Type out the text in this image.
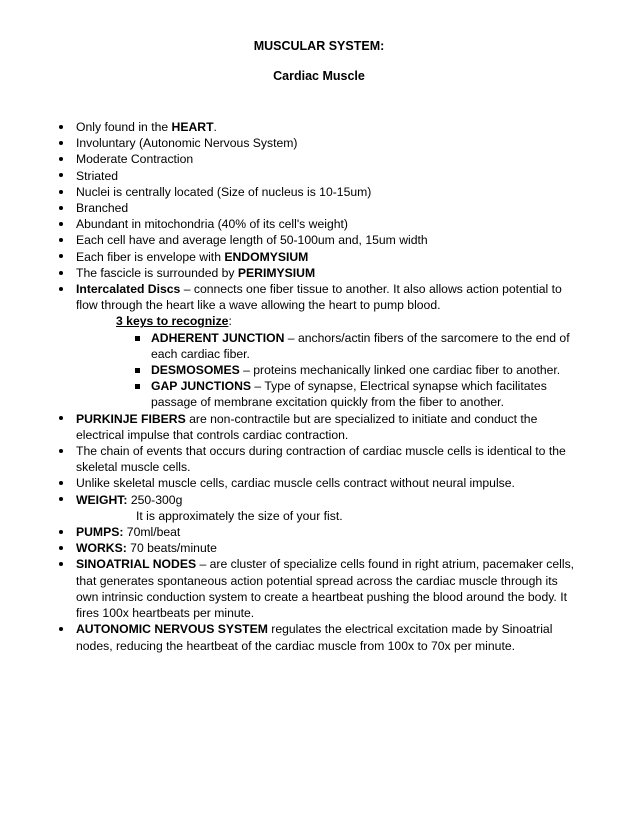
MUSCULAR SYSTEM:
Cardiac Muscle
Only found in the HEART.
Involuntary (Autonomic Nervous System)
Moderate Contraction
Striated
Nuclei is centrally located (Size of nucleus is 10-15um)
Branched
Abundant in mitochondria (40% of its cell's weight)
Each cell have and average length of 50-100um and, 15um width
Each fiber is envelope with ENDOMYSIUM
The fascicle is surrounded by PERIMYSIUM
Intercalated Discs – connects one fiber tissue to another. It also allows action potential to flow through the heart like a wave allowing the heart to pump blood.
3 keys to recognize:
ADHERENT JUNCTION – anchors/actin fibers of the sarcomere to the end of each cardiac fiber.
DESMOSOMES – proteins mechanically linked one cardiac fiber to another.
GAP JUNCTIONS – Type of synapse, Electrical synapse which facilitates passage of membrane excitation quickly from the fiber to another.
PURKINJE FIBERS are non-contractile but are specialized to initiate and conduct the electrical impulse that controls cardiac contraction.
The chain of events that occurs during contraction of cardiac muscle cells is identical to the skeletal muscle cells.
Unlike skeletal muscle cells, cardiac muscle cells contract without neural impulse.
WEIGHT: 250-300g
It is approximately the size of your fist.
PUMPS: 70ml/beat
WORKS: 70 beats/minute
SINOATRIAL NODES – are cluster of specialize cells found in right atrium, pacemaker cells, that generates spontaneous action potential spread across the cardiac muscle through its own intrinsic conduction system to create a heartbeat pushing the blood around the body. It fires 100x heartbeats per minute.
AUTONOMIC NERVOUS SYSTEM regulates the electrical excitation made by Sinoatrial nodes, reducing the heartbeat of the cardiac muscle from 100x to 70x per minute.
